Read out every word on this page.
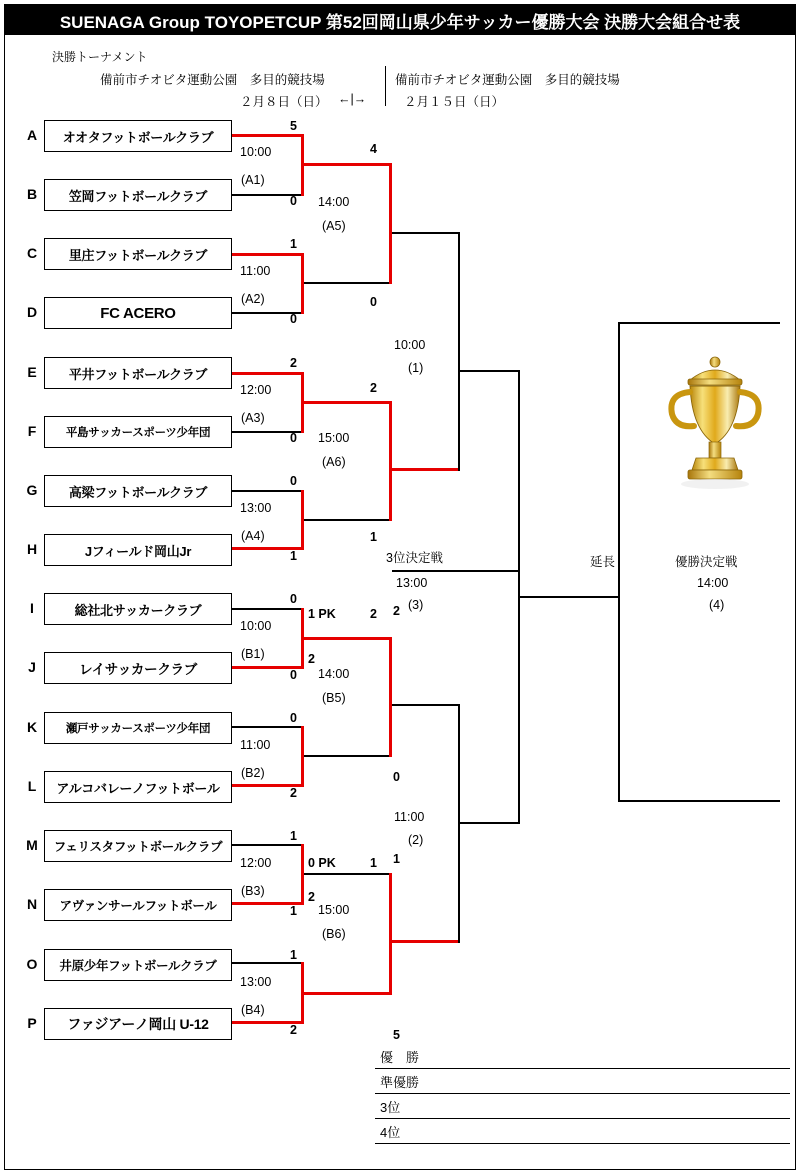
SUENAGA Group TOYOPETCUP 第52回岡山県少年サッカー優勝大会 決勝大会組合せ表
決勝トーナメント
備前市チオビタ運動公園　多目的競技場
２月８日（日） ←|→
備前市チオビタ運動公園　多目的競技場
２月１５日（日）
A
B
C
D
E
F
G
H
I
J
K
L
M
N
O
P
オオタフットボールクラブ
笠岡フットボールクラブ
里庄フットボールクラブ
FC ACERO
平井フットボールクラブ
平島サッカースポーツ少年団
高梁フットボールクラブ
Jフィールド岡山Jr
総社北サッカークラブ
レイサッカークラブ
瀬戸サッカースポーツ少年団
アルコバレーノフットボール
フェリスタフットボールクラブ
アヴァンサールフットボール
井原少年フットボールクラブ
ファジアーノ岡山 U-12
5
0
10:00
(A1)
1
0
11:00
(A2)
2
0
12:00
(A3)
0
1
13:00
(A4)
0
0
10:00
(B1)
0
2
11:00
(B2)
1
1
12:00
(B3)
1
2
13:00
(B4)
4
0
14:00
(A5)
2
1
15:00
(A6)
1 PK
2
2
14:00
(B5)
0 PK
2
1
15:00
(B6)
10:00
(1)
0
11:00
(2)
5
2
1
3位決定戦
13:00
(3)
延長	優勝決定戦
14:00
(4)
優　勝
準優勝
3位
4位
